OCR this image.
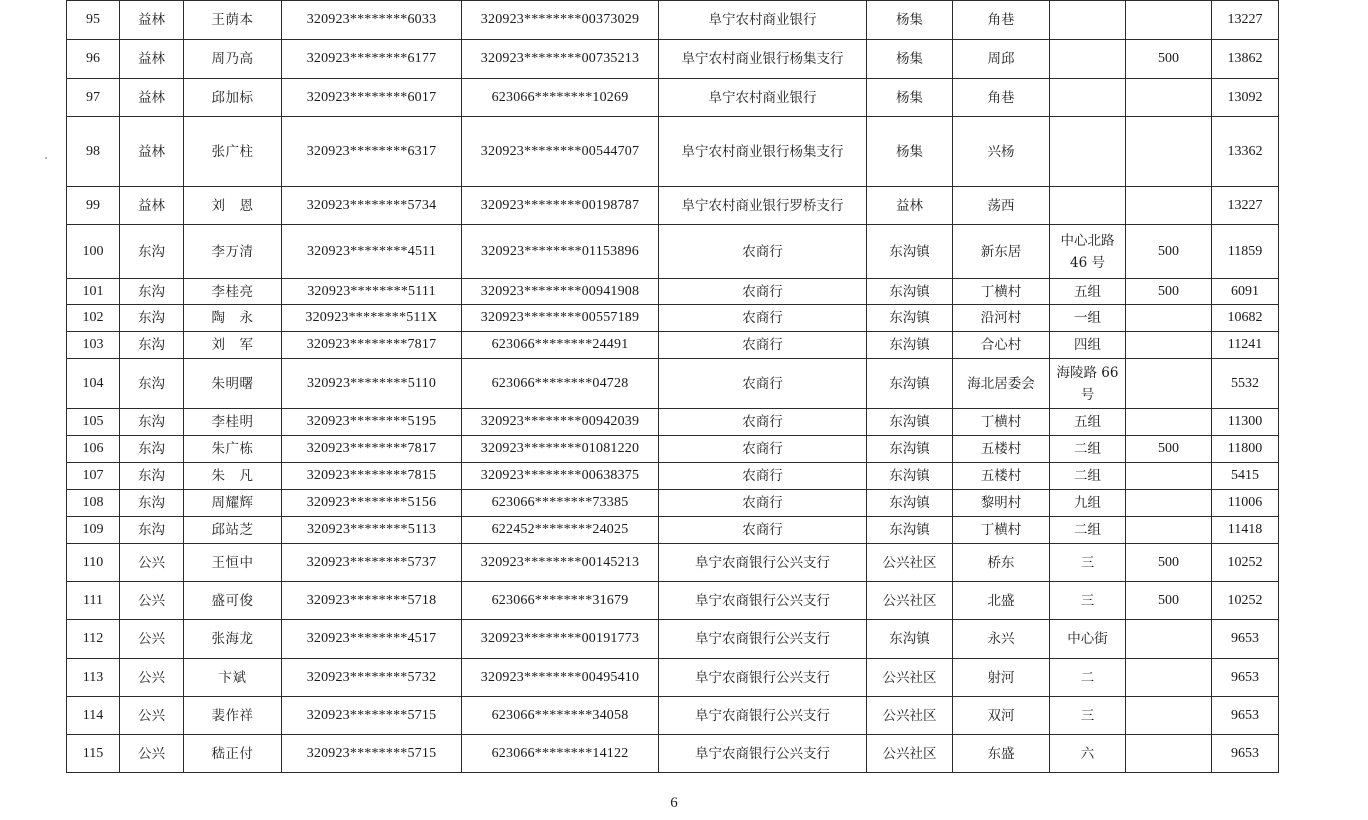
95	益林	王荫本	320923********6033	320923********00373029	阜宁农村商业银行	杨集	角巷			13227
96	益林	周乃高	320923********6177	320923********00735213	阜宁农村商业银行杨集支行	杨集	周邱		500	13862
97	益林	邱加标	320923********6017	623066********10269	阜宁农村商业银行	杨集	角巷			13092
98	益林	张广柱	320923********6317	320923********00544707	阜宁农村商业银行杨集支行	杨集	兴杨			13362
99	益林	刘　恩	320923********5734	320923********00198787	阜宁农村商业银行罗桥支行	益林	荡西			13227
100	东沟	李万清	320923********4511	320923********01153896	农商行	东沟镇	新东居	中心北路 46 号	500	11859
101	东沟	李桂亮	320923********5111	320923********00941908	农商行	东沟镇	丁横村	五组	500	6091
102	东沟	陶　永	320923********511X	320923********00557189	农商行	东沟镇	沿河村	一组		10682
103	东沟	刘　军	320923********7817	623066********24491	农商行	东沟镇	合心村	四组		11241
104	东沟	朱明曙	320923********5110	623066********04728	农商行	东沟镇	海北居委会	海陵路 66 号		5532
105	东沟	李桂明	320923********5195	320923********00942039	农商行	东沟镇	丁横村	五组		11300
106	东沟	朱广栋	320923********7817	320923********01081220	农商行	东沟镇	五楼村	二组	500	11800
107	东沟	朱　凡	320923********7815	320923********00638375	农商行	东沟镇	五楼村	二组		5415
108	东沟	周耀辉	320923********5156	623066********73385	农商行	东沟镇	黎明村	九组		11006
109	东沟	邱站芝	320923********5113	622452********24025	农商行	东沟镇	丁横村	二组		11418
110	公兴	王恒中	320923********5737	320923********00145213	阜宁农商银行公兴支行	公兴社区	桥东	三	500	10252
111	公兴	盛可俊	320923********5718	623066********31679	阜宁农商银行公兴支行	公兴社区	北盛	三	500	10252
112	公兴	张海龙	320923********4517	320923********00191773	阜宁农商银行公兴支行	东沟镇	永兴	中心街		9653
113	公兴	卞斌	320923********5732	320923********00495410	阜宁农商银行公兴支行	公兴社区	射河	二		9653
114	公兴	裴作祥	320923********5715	623066********34058	阜宁农商银行公兴支行	公兴社区	双河	三		9653
115	公兴	嵇正付	320923********5715	623066********14122	阜宁农商银行公兴支行	公兴社区	东盛	六		9653
6
